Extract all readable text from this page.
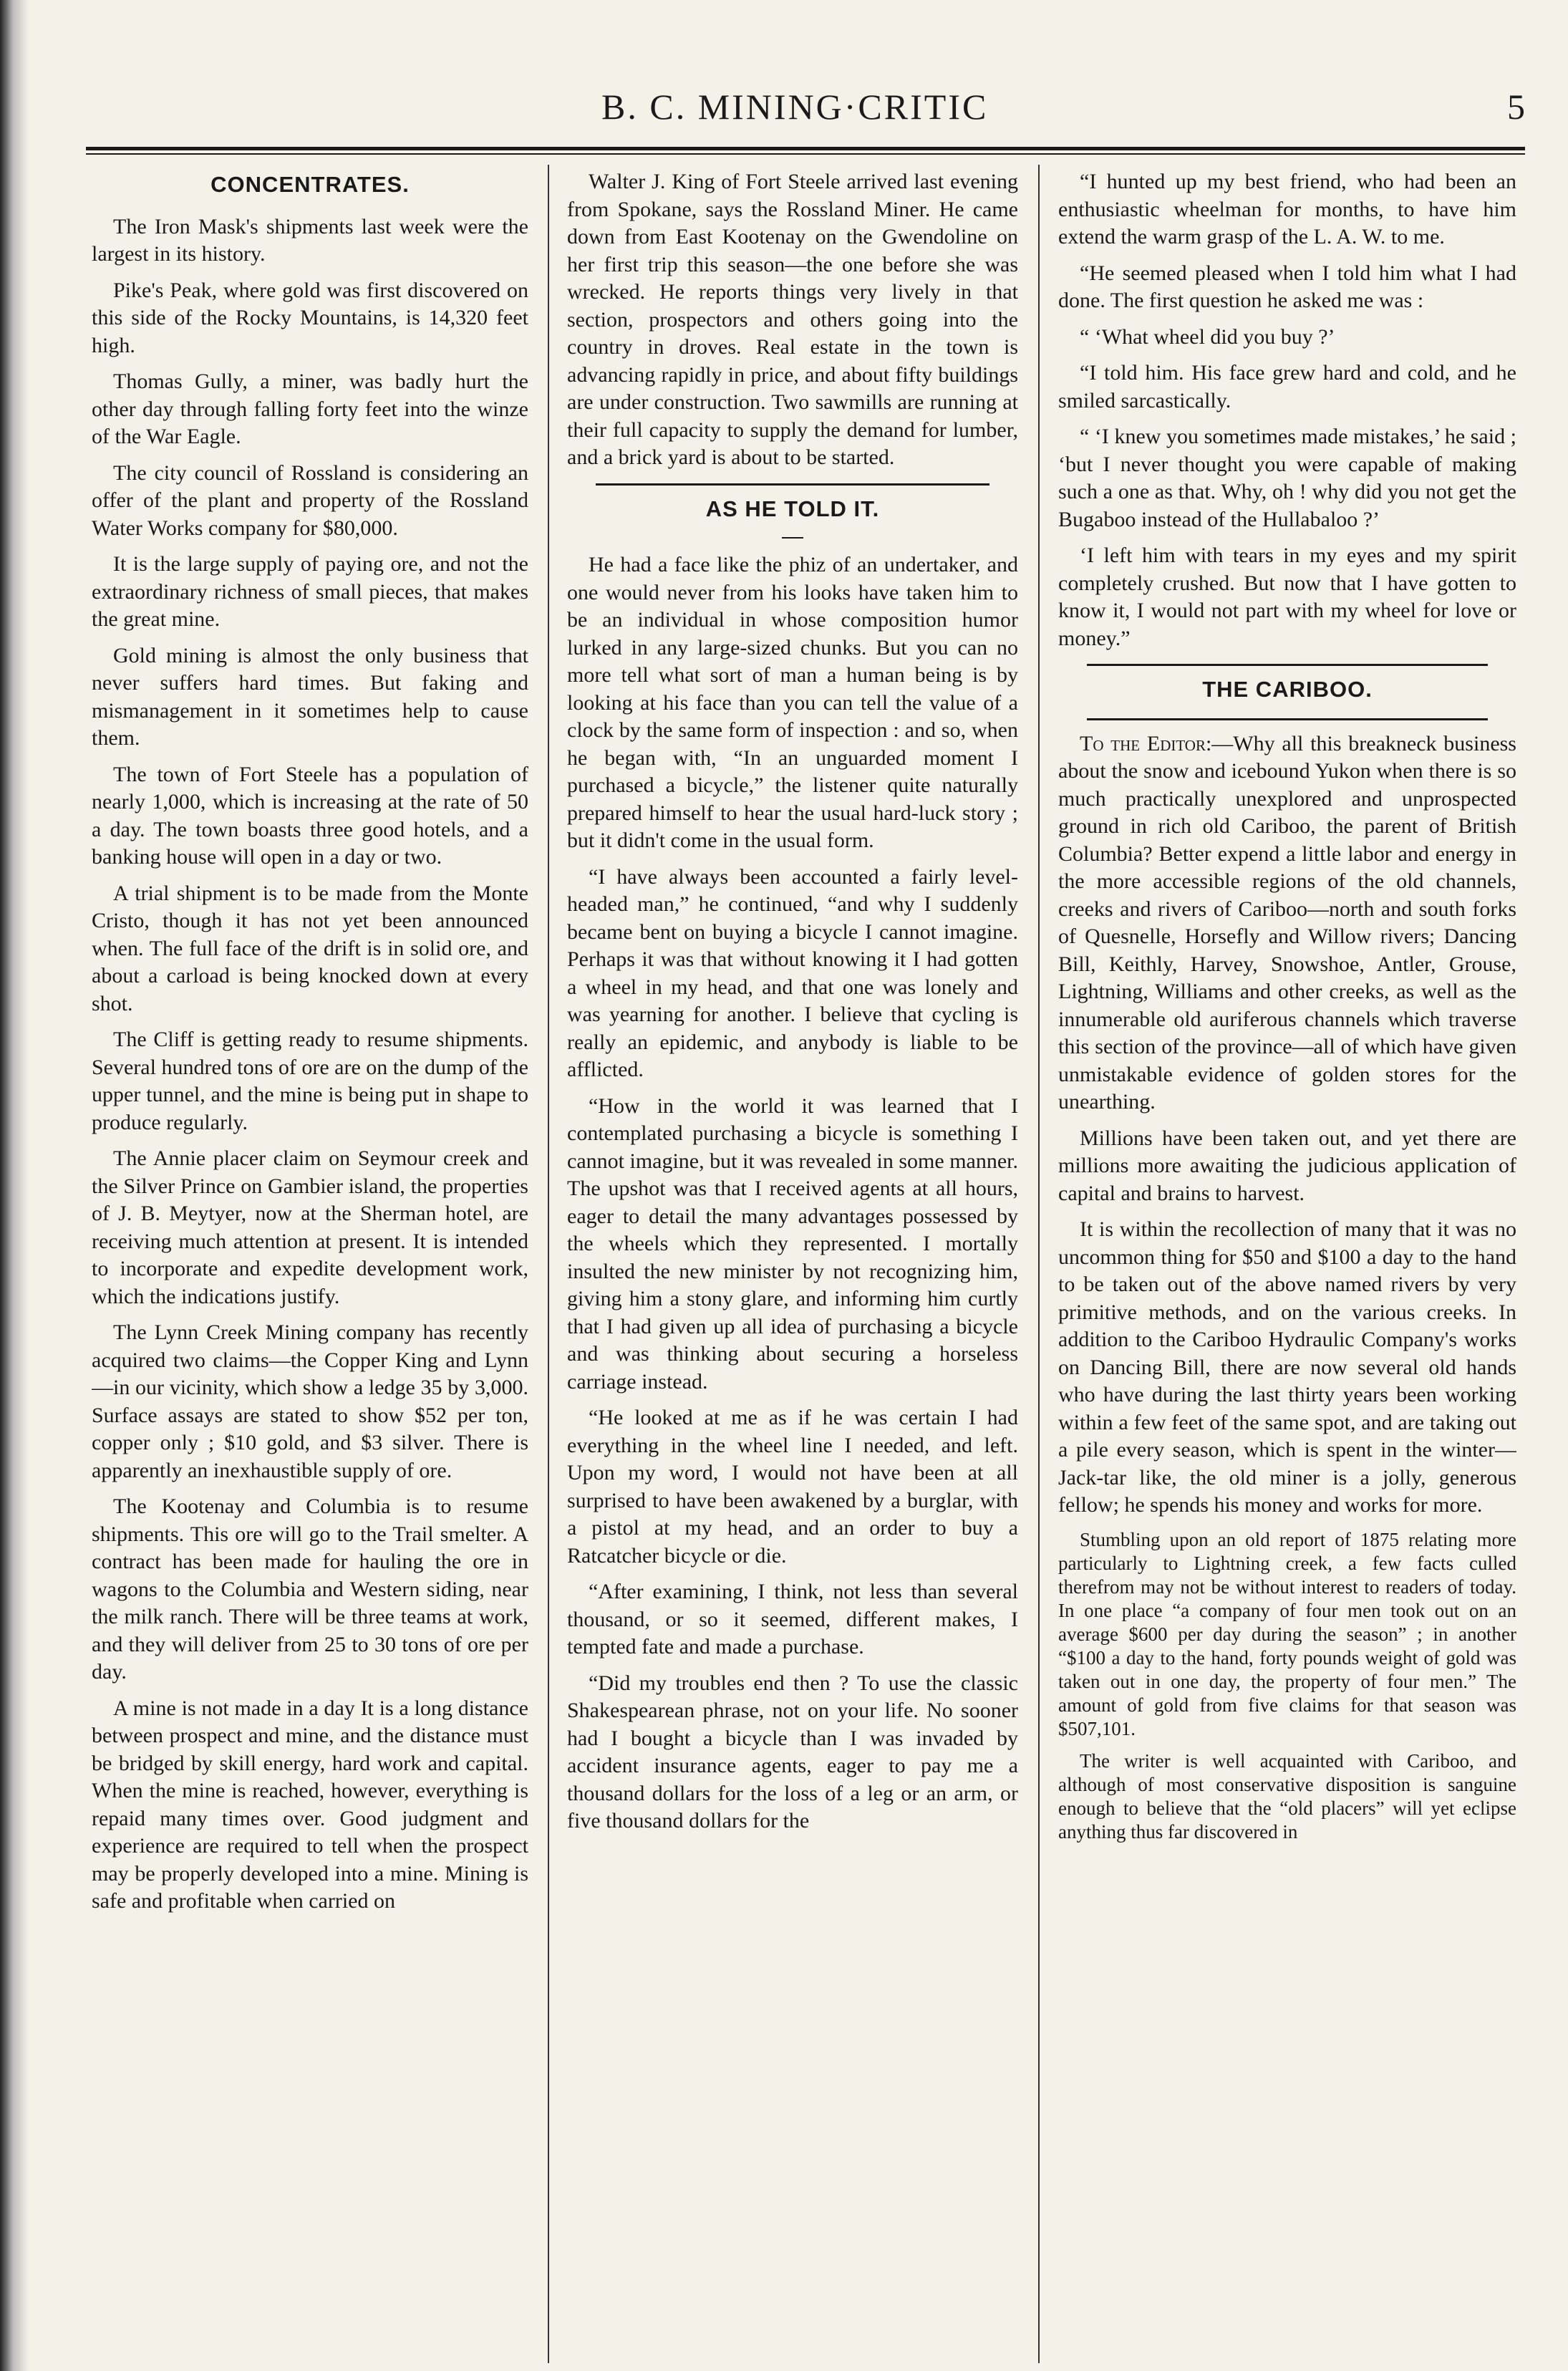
B. C. MINING·CRITIC	5
CONCENTRATES.

The Iron Mask's shipments last week were the largest in its history.

Pike's Peak, where gold was first discovered on this side of the Rocky Mountains, is 14,320 feet high.

Thomas Gully, a miner, was badly hurt the other day through falling forty feet into the winze of the War Eagle.

The city council of Rossland is considering an offer of the plant and property of the Rossland Water Works company for $80,000.

It is the large supply of paying ore, and not the extraordinary richness of small pieces, that makes the great mine.

Gold mining is almost the only business that never suffers hard times. But faking and mismanagement in it sometimes help to cause them.

The town of Fort Steele has a population of nearly 1,000, which is increasing at the rate of 50 a day. The town boasts three good hotels, and a banking house will open in a day or two.

A trial shipment is to be made from the Monte Cristo, though it has not yet been announced when. The full face of the drift is in solid ore, and about a carload is being knocked down at every shot.

The Cliff is getting ready to resume shipments. Several hundred tons of ore are on the dump of the upper tunnel, and the mine is being put in shape to produce regularly.

The Annie placer claim on Seymour creek and the Silver Prince on Gambier island, the properties of J. B. Meytyer, now at the Sherman hotel, are receiving much attention at present. It is intended to incorporate and expedite development work, which the indications justify.

The Lynn Creek Mining company has recently acquired two claims—the Copper King and Lynn—in our vicinity, which show a ledge 35 by 3,000. Surface assays are stated to show $52 per ton, copper only ; $10 gold, and $3 silver. There is apparently an inexhaustible supply of ore.

The Kootenay and Columbia is to resume shipments. This ore will go to the Trail smelter. A contract has been made for hauling the ore in wagons to the Columbia and Western siding, near the milk ranch. There will be three teams at work, and they will deliver from 25 to 30 tons of ore per day.

A mine is not made in a day It is a long distance between prospect and mine, and the distance must be bridged by skill energy, hard work and capital. When the mine is reached, however, everything is repaid many times over. Good judgment and experience are required to tell when the prospect may be properly developed into a mine. Mining is safe and profitable when carried on

Walter J. King of Fort Steele arrived last evening from Spokane, says the Rossland Miner. He came down from East Kootenay on the Gwendoline on her first trip this season—the one before she was wrecked. He reports things very lively in that section, prospectors and others going into the country in droves. Real estate in the town is advancing rapidly in price, and about fifty buildings are under construction. Two sawmills are running at their full capacity to supply the demand for lumber, and a brick yard is about to be started.

AS HE TOLD IT.

He had a face like the phiz of an undertaker, and one would never from his looks have taken him to be an individual in whose composition humor lurked in any large-sized chunks. But you can no more tell what sort of man a human being is by looking at his face than you can tell the value of a clock by the same form of inspection : and so, when he began with, “In an unguarded moment I purchased a bicycle,” the listener quite naturally prepared himself to hear the usual hard-luck story ; but it didn't come in the usual form.

“I have always been accounted a fairly level-headed man,” he continued, “and why I suddenly became bent on buying a bicycle I cannot imagine. Perhaps it was that without knowing it I had gotten a wheel in my head, and that one was lonely and was yearning for another. I believe that cycling is really an epidemic, and anybody is liable to be afflicted.

“How in the world it was learned that I contemplated purchasing a bicycle is something I cannot imagine, but it was revealed in some manner. The upshot was that I received agents at all hours, eager to detail the many advantages possessed by the wheels which they represented. I mortally insulted the new minister by not recognizing him, giving him a stony glare, and informing him curtly that I had given up all idea of purchasing a bicycle and was thinking about securing a horseless carriage instead.

“He looked at me as if he was certain I had everything in the wheel line I needed, and left. Upon my word, I would not have been at all surprised to have been awakened by a burglar, with a pistol at my head, and an order to buy a Ratcatcher bicycle or die.

“After examining, I think, not less than several thousand, or so it seemed, different makes, I tempted fate and made a purchase.

“Did my troubles end then ? To use the classic Shakespearean phrase, not on your life. No sooner had I bought a bicycle than I was invaded by accident insurance agents, eager to pay me a thousand dollars for the loss of a leg or an arm, or five thousand dollars for the

“I hunted up my best friend, who had been an enthusiastic wheelman for months, to have him extend the warm grasp of the L. A. W. to me.

“He seemed pleased when I told him what I had done. The first question he asked me was :

“ ‘What wheel did you buy ?’

“I told him. His face grew hard and cold, and he smiled sarcastically.

“ ‘I knew you sometimes made mistakes,’ he said ; ‘but I never thought you were capable of making such a one as that. Why, oh ! why did you not get the Bugaboo instead of the Hullabaloo ?’

‘I left him with tears in my eyes and my spirit completely crushed. But now that I have gotten to know it, I would not part with my wheel for love or money.”

THE CARIBOO.

To the Editor:—Why all this breakneck business about the snow and icebound Yukon when there is so much practically unexplored and unprospected ground in rich old Cariboo, the parent of British Columbia? Better expend a little labor and energy in the more accessible regions of the old channels, creeks and rivers of Cariboo—north and south forks of Quesnelle, Horsefly and Willow rivers; Dancing Bill, Keithly, Harvey, Snowshoe, Antler, Grouse, Lightning, Williams and other creeks, as well as the innumerable old auriferous channels which traverse this section of the province—all of which have given unmistakable evidence of golden stores for the unearthing.

Millions have been taken out, and yet there are millions more awaiting the judicious application of capital and brains to harvest.

It is within the recollection of many that it was no uncommon thing for $50 and $100 a day to the hand to be taken out of the above named rivers by very primitive methods, and on the various creeks. In addition to the Cariboo Hydraulic Company's works on Dancing Bill, there are now several old hands who have during the last thirty years been working within a few feet of the same spot, and are taking out a pile every season, which is spent in the winter—Jack-tar like, the old miner is a jolly, generous fellow; he spends his money and works for more.

Stumbling upon an old report of 1875 relating more particularly to Lightning creek, a few facts culled therefrom may not be without interest to readers of today. In one place “a company of four men took out on an average $600 per day during the season” ; in another “$100 a day to the hand, forty pounds weight of gold was taken out in one day, the property of four men.” The amount of gold from five claims for that season was $507,101.

The writer is well acquainted with Cariboo, and although of most conservative disposition is sanguine enough to believe that the “old placers” will yet eclipse anything thus far discovered in
